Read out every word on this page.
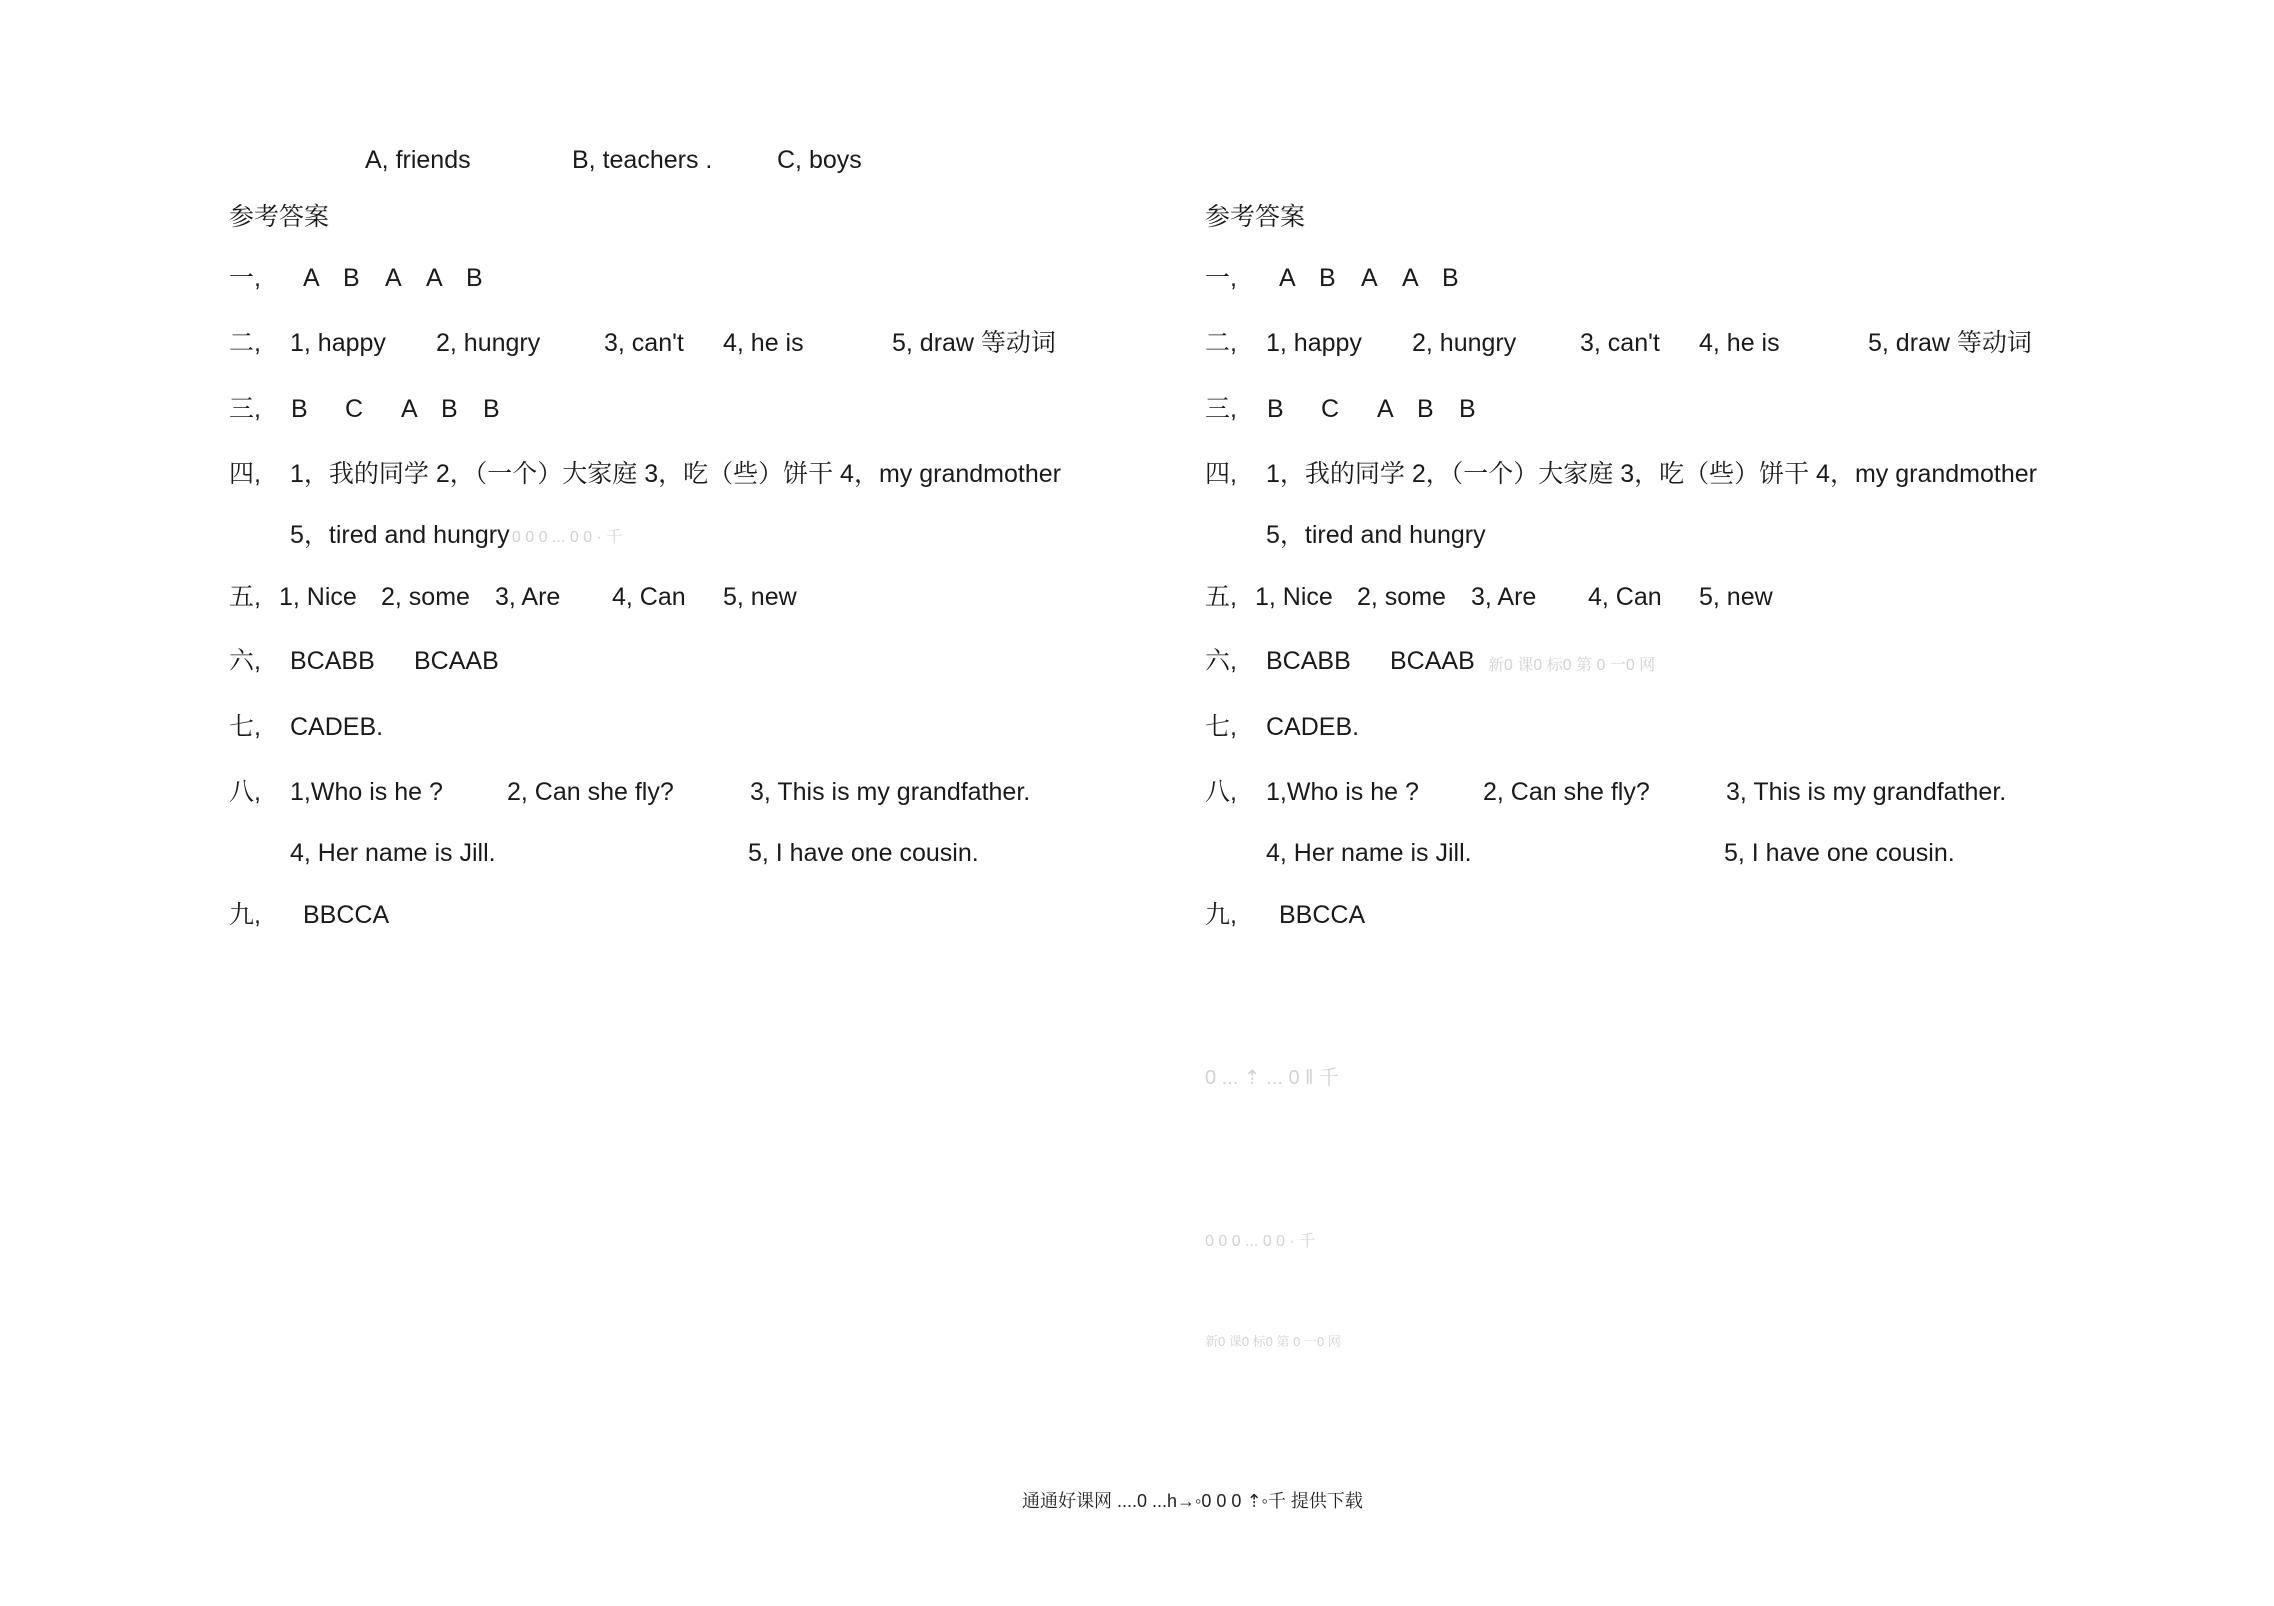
A, friends	B, teachers .	C, boys
参考答案
一, A B A A B
二, 1, happy 2, hungry	3, can't 4, he is	5, draw 等动词
三, B C A B B
四, 1，我的同学 2，（一个）大家庭 3，吃（些）饼干 4，my grandmother
5，tired and hungry 0 0 0 ... 0 0 · 千
五, 1, Nice 2, some 3, Are 4, Can 5, new
六, BCABB BCAAB
七, CADEB.
八, 1,Who is he ?	2, Can she fly?	3, This is my grandfather.
4, Her name is Jill.	5, I have one cousin.
九, BBCCA
参考答案
一, A B A A B
二, 1, happy 2, hungry	3, can't 4, he is	5, draw 等动词
三, B C A B B
四, 1，我的同学 2，（一个）大家庭 3，吃（些）饼干 4，my grandmother
5，tired and hungry
五, 1, Nice 2, some 3, Are 4, Can 5, new
六, BCABB BCAAB 新0 课0 标0 第 0 一0 网
七, CADEB.
八, 1,Who is he ?	2, Can she fly?	3, This is my grandfather.
4, Her name is Jill.	5, I have one cousin.
九, BBCCA
0 ... ⇡ ... 0 ‖ 千
0 0 0 ... 0 0 · 千
新0 课0 标0 第 0 一0 网
通通好课网 ....0 ...h→◦0 0 0 ⇡◦千 提供下载
